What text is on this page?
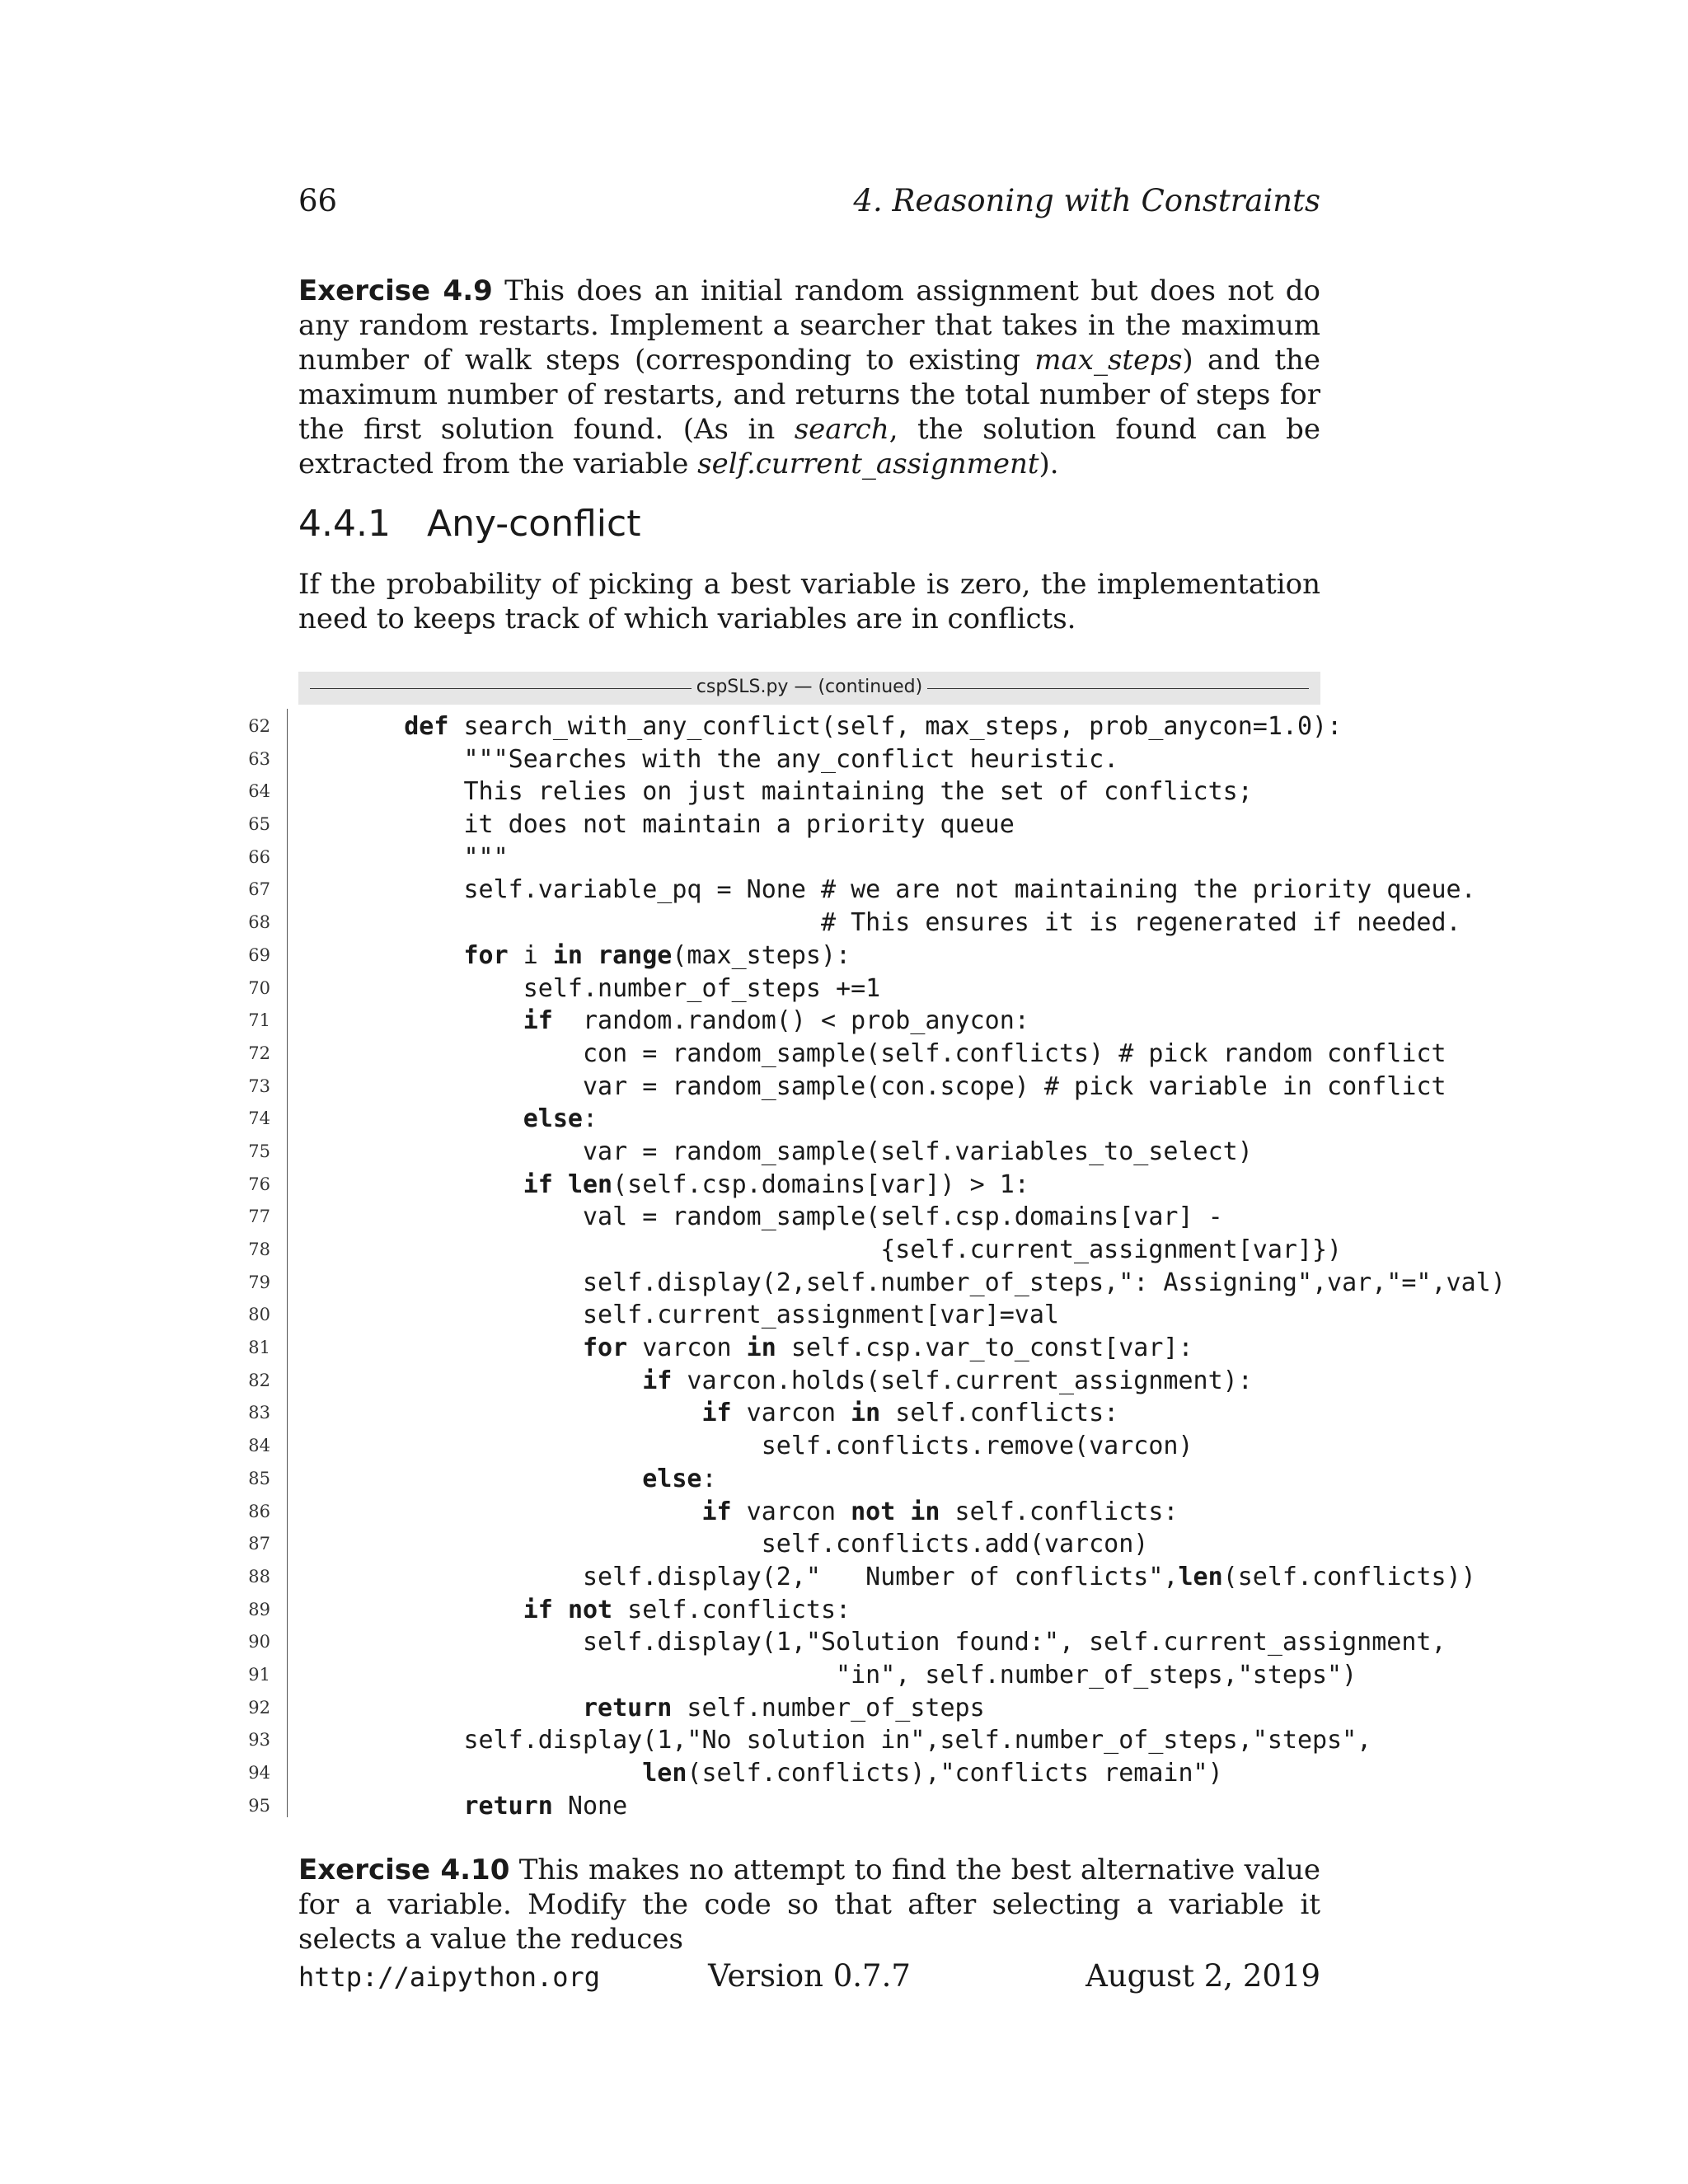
66	4. Reasoning with Constraints
Exercise 4.9 This does an initial random assignment but does not do any random restarts. Implement a searcher that takes in the maximum number of walk steps (corresponding to existing max_steps) and the maximum number of restarts, and returns the total number of steps for the first solution found. (As in search, the solution found can be extracted from the variable self.current_assignment).
4.4.1 Any-conflict
If the probability of picking a best variable is zero, the implementation need to keeps track of which variables are in conflicts.
cspSLS.py — (continued)
62	def search_with_any_conflict(self, max_steps, prob_anycon=1.0):
63	"""Searches with the any_conflict heuristic.
64	This relies on just maintaining the set of conflicts;
65	it does not maintain a priority queue
66	"""
67	self.variable_pq = None # we are not maintaining the priority queue.
68	# This ensures it is regenerated if needed.
69	for i in range(max_steps):
70	self.number_of_steps +=1
71	if  random.random() < prob_anycon:
72	con = random_sample(self.conflicts) # pick random conflict
73	var = random_sample(con.scope) # pick variable in conflict
74	else:
75	var = random_sample(self.variables_to_select)
76	if len(self.csp.domains[var]) > 1:
77	val = random_sample(self.csp.domains[var] -
78	{self.current_assignment[var]})
79	self.display(2,self.number_of_steps,": Assigning",var,"=",val)
80	self.current_assignment[var]=val
81	for varcon in self.csp.var_to_const[var]:
82	if varcon.holds(self.current_assignment):
83	if varcon in self.conflicts:
84	self.conflicts.remove(varcon)
85	else:
86	if varcon not in self.conflicts:
87	self.conflicts.add(varcon)
88	self.display(2,"   Number of conflicts",len(self.conflicts))
89	if not self.conflicts:
90	self.display(1,"Solution found:", self.current_assignment,
91	"in", self.number_of_steps,"steps")
92	return self.number_of_steps
93	self.display(1,"No solution in",self.number_of_steps,"steps",
94	len(self.conflicts),"conflicts remain")
95	return None
Exercise 4.10 This makes no attempt to find the best alternative value for a variable. Modify the code so that after selecting a variable it selects a value the reduces
http://aipython.org	Version 0.7.7	August 2, 2019
